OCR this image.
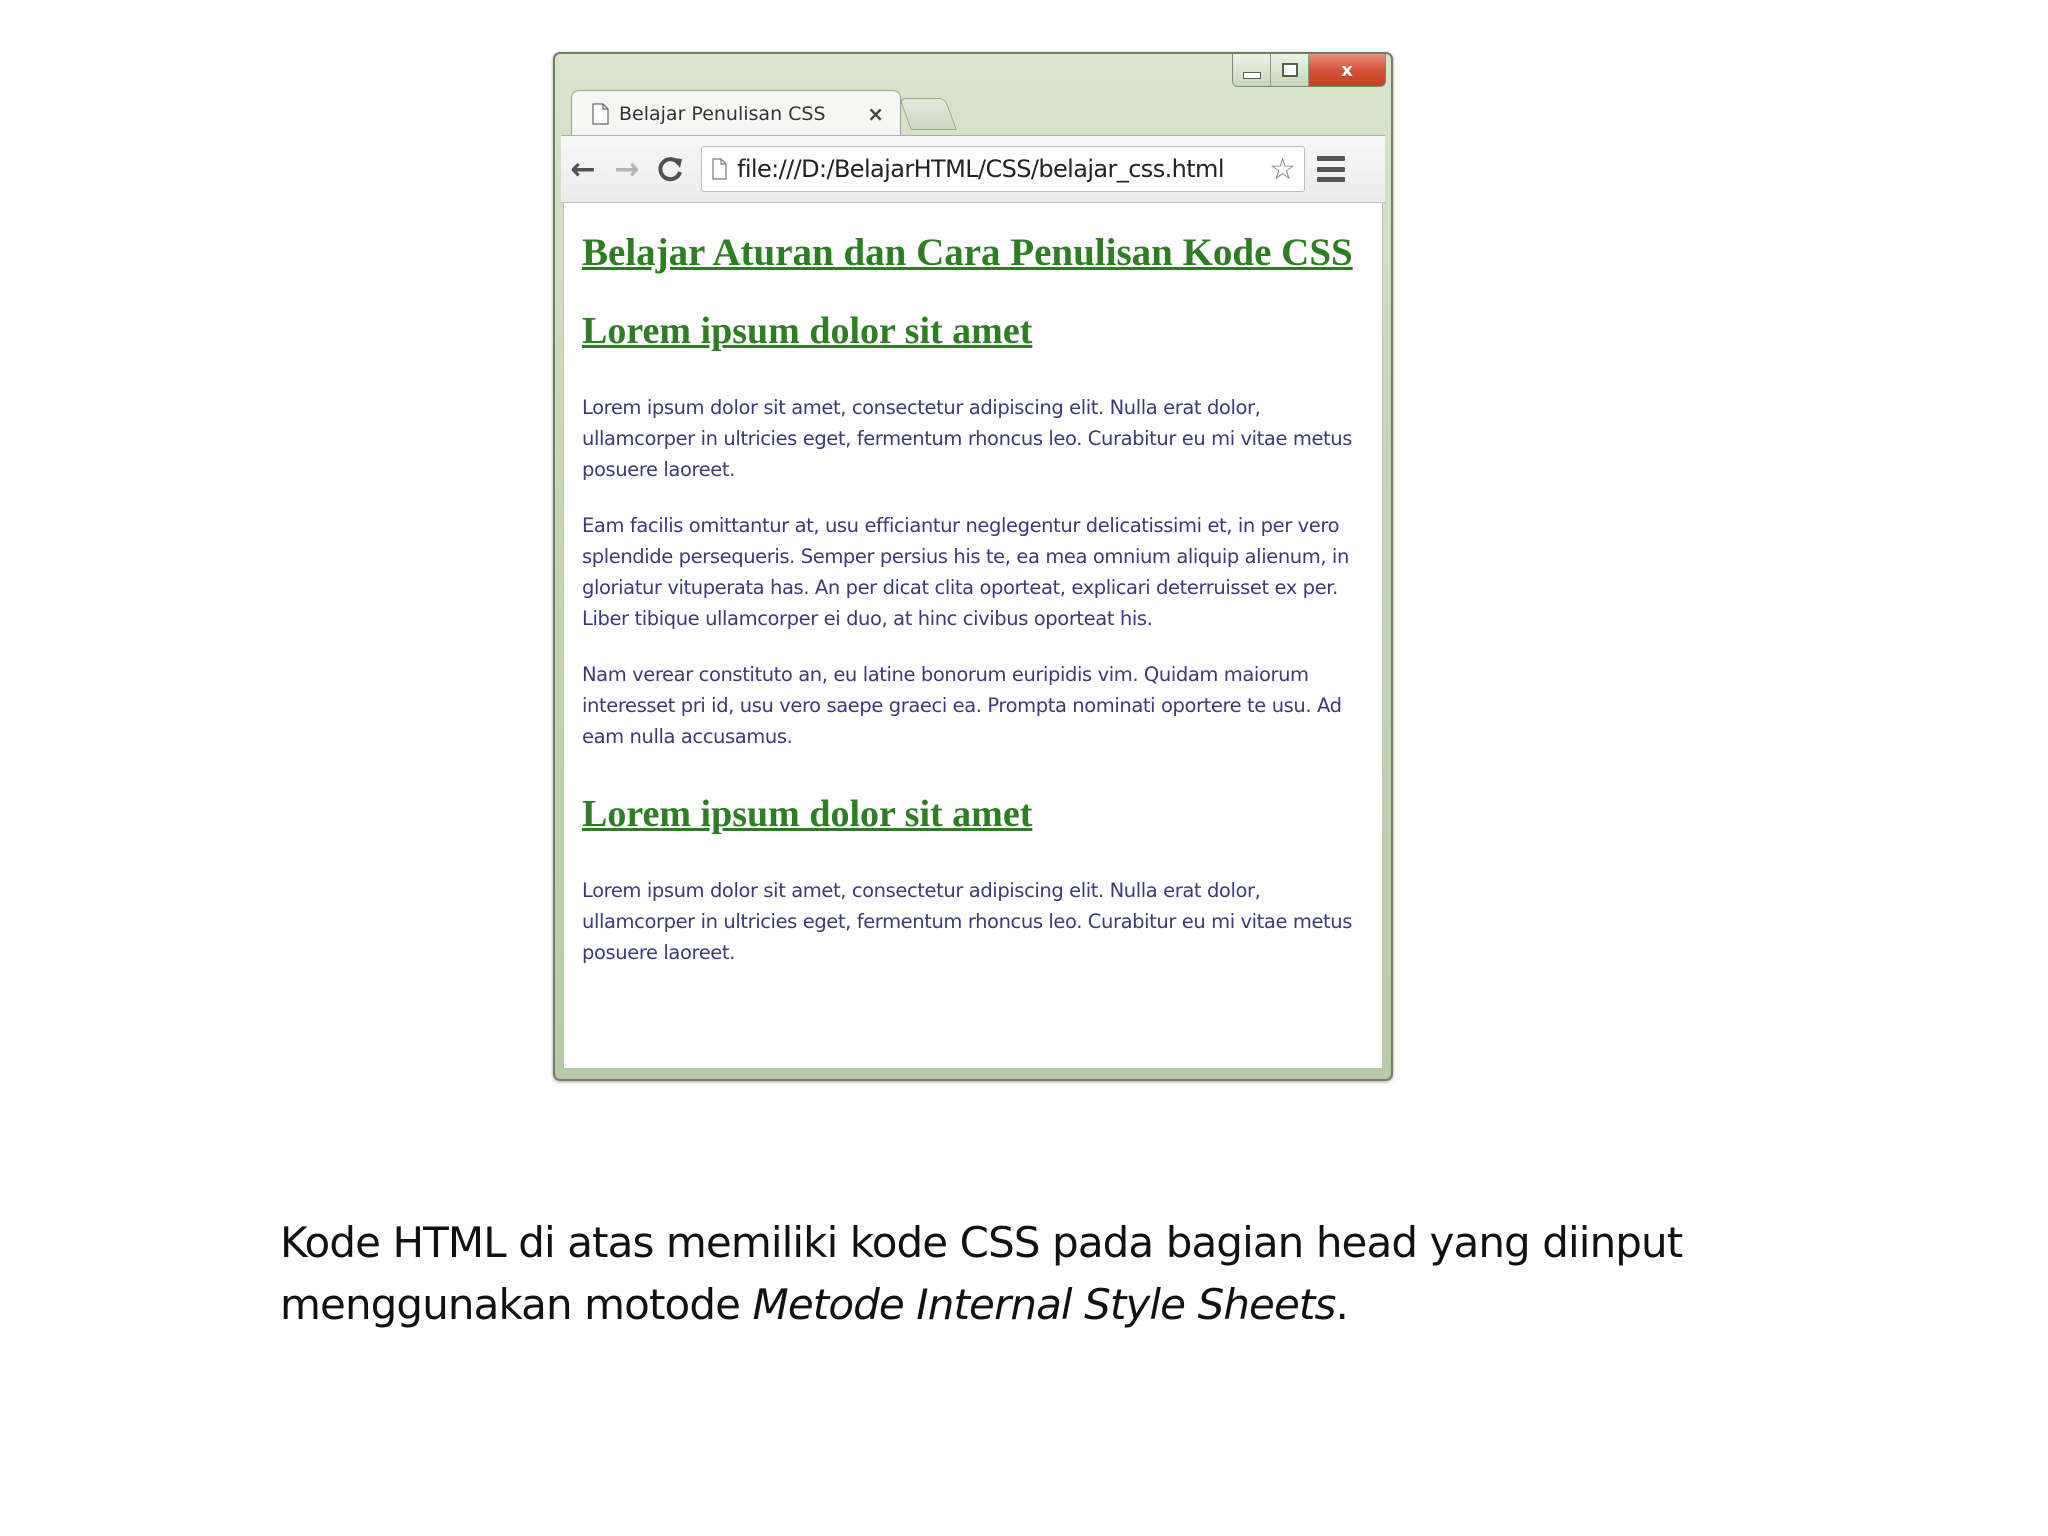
x
Belajar Penulisan CSS	×
← →	file:///D:/BelajarHTML/CSS/belajar_css.html	☆
Belajar Aturan dan Cara Penulisan Kode CSS
Lorem ipsum dolor sit amet

Lorem ipsum dolor sit amet, consectetur adipiscing elit. Nulla erat dolor, ullamcorper in ultricies eget, fermentum rhoncus leo. Curabitur eu mi vitae metus posuere laoreet.

Eam facilis omittantur at, usu efficiantur neglegentur delicatissimi et, in per vero splendide persequeris. Semper persius his te, ea mea omnium aliquip alienum, in gloriatur vituperata has. An per dicat clita oporteat, explicari deterruisset ex per. Liber tibique ullamcorper ei duo, at hinc civibus oporteat his.

Nam verear constituto an, eu latine bonorum euripidis vim. Quidam maiorum interesset pri id, usu vero saepe graeci ea. Prompta nominati oportere te usu. Ad eam nulla accusamus.

Lorem ipsum dolor sit amet

Lorem ipsum dolor sit amet, consectetur adipiscing elit. Nulla erat dolor, ullamcorper in ultricies eget, fermentum rhoncus leo. Curabitur eu mi vitae metus posuere laoreet.

Kode HTML di atas memiliki kode CSS pada bagian head yang diinput menggunakan motode Metode Internal Style Sheets.
